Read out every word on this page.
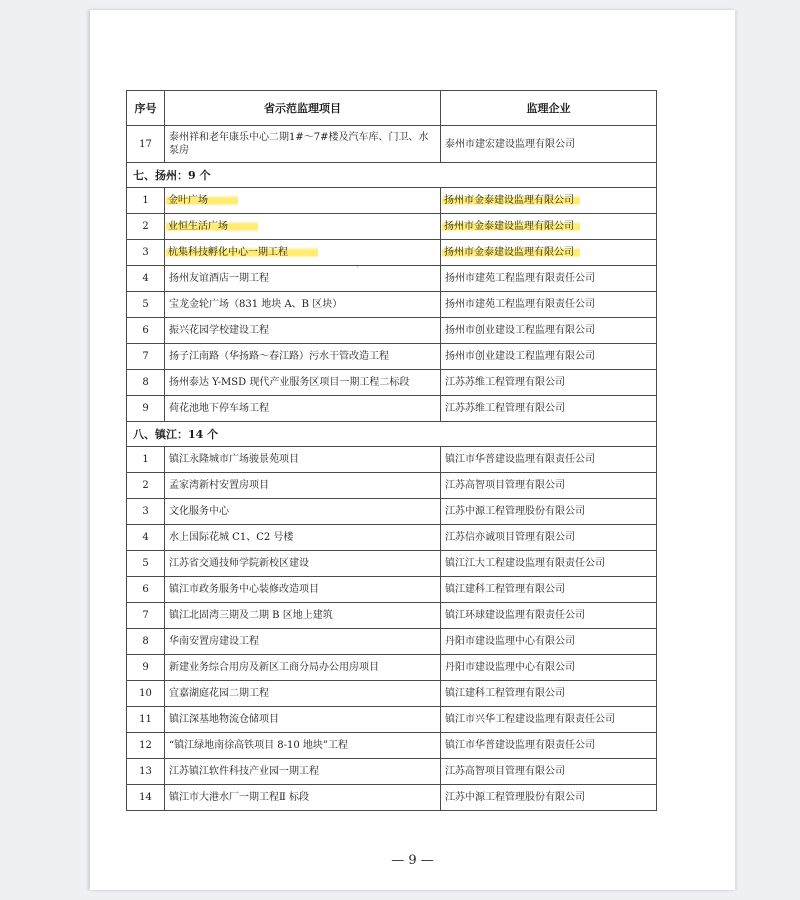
序号	省示范监理项目	监理企业
17	泰州祥和老年康乐中心二期1#～7#楼及汽车库、门卫、水泵房	泰州市建宏建设监理有限公司
七、扬州：9 个		
1	金叶广场	扬州市金泰建设监理有限公司
2	业恒生活广场	扬州市金泰建设监理有限公司
3	杭集科技孵化中心一期工程	扬州市金泰建设监理有限公司
4	扬州友谊酒店一期工程	扬州市建苑工程监理有限责任公司
5	宝龙金轮广场（831 地块 A、B 区块）	扬州市建苑工程监理有限责任公司
6	振兴花园学校建设工程	扬州市创业建设工程监理有限公司
7	扬子江南路（华扬路～春江路）污水干管改造工程	扬州市创业建设工程监理有限公司
8	扬州泰达 Y-MSD 现代产业服务区项目一期工程二标段	江苏苏维工程管理有限公司
9	荷花池地下停车场工程	江苏苏维工程管理有限公司
八、镇江：14 个		
1	镇江永隆城市广场骏景苑项目	镇江市华普建设监理有限责任公司
2	孟家湾新村安置房项目	江苏高智项目管理有限公司
3	文化服务中心	江苏中源工程管理股份有限公司
4	水上国际花城 C1、C2 号楼	江苏信亦诚项目管理有限公司
5	江苏省交通技师学院新校区建设	镇江江大工程建设监理有限责任公司
6	镇江市政务服务中心装修改造项目	镇江建科工程管理有限公司
7	镇江北固湾三期及二期 B 区地上建筑	镇江环球建设监理有限责任公司
8	华南安置房建设工程	丹阳市建设监理中心有限公司
9	新建业务综合用房及新区工商分局办公用房项目	丹阳市建设监理中心有限公司
10	宜嘉湖庭花园二期工程	镇江建科工程管理有限公司
11	镇江深基地物流仓储项目	镇江市兴华工程建设监理有限责任公司
12	“镇江绿地南徐高铁项目 8-10 地块”工程	镇江市华普建设监理有限责任公司
13	江苏镇江软件科技产业园一期工程	江苏高智项目管理有限公司
14	镇江市大港水厂一期工程Ⅱ 标段	江苏中源工程管理股份有限公司
·
— 9 —
